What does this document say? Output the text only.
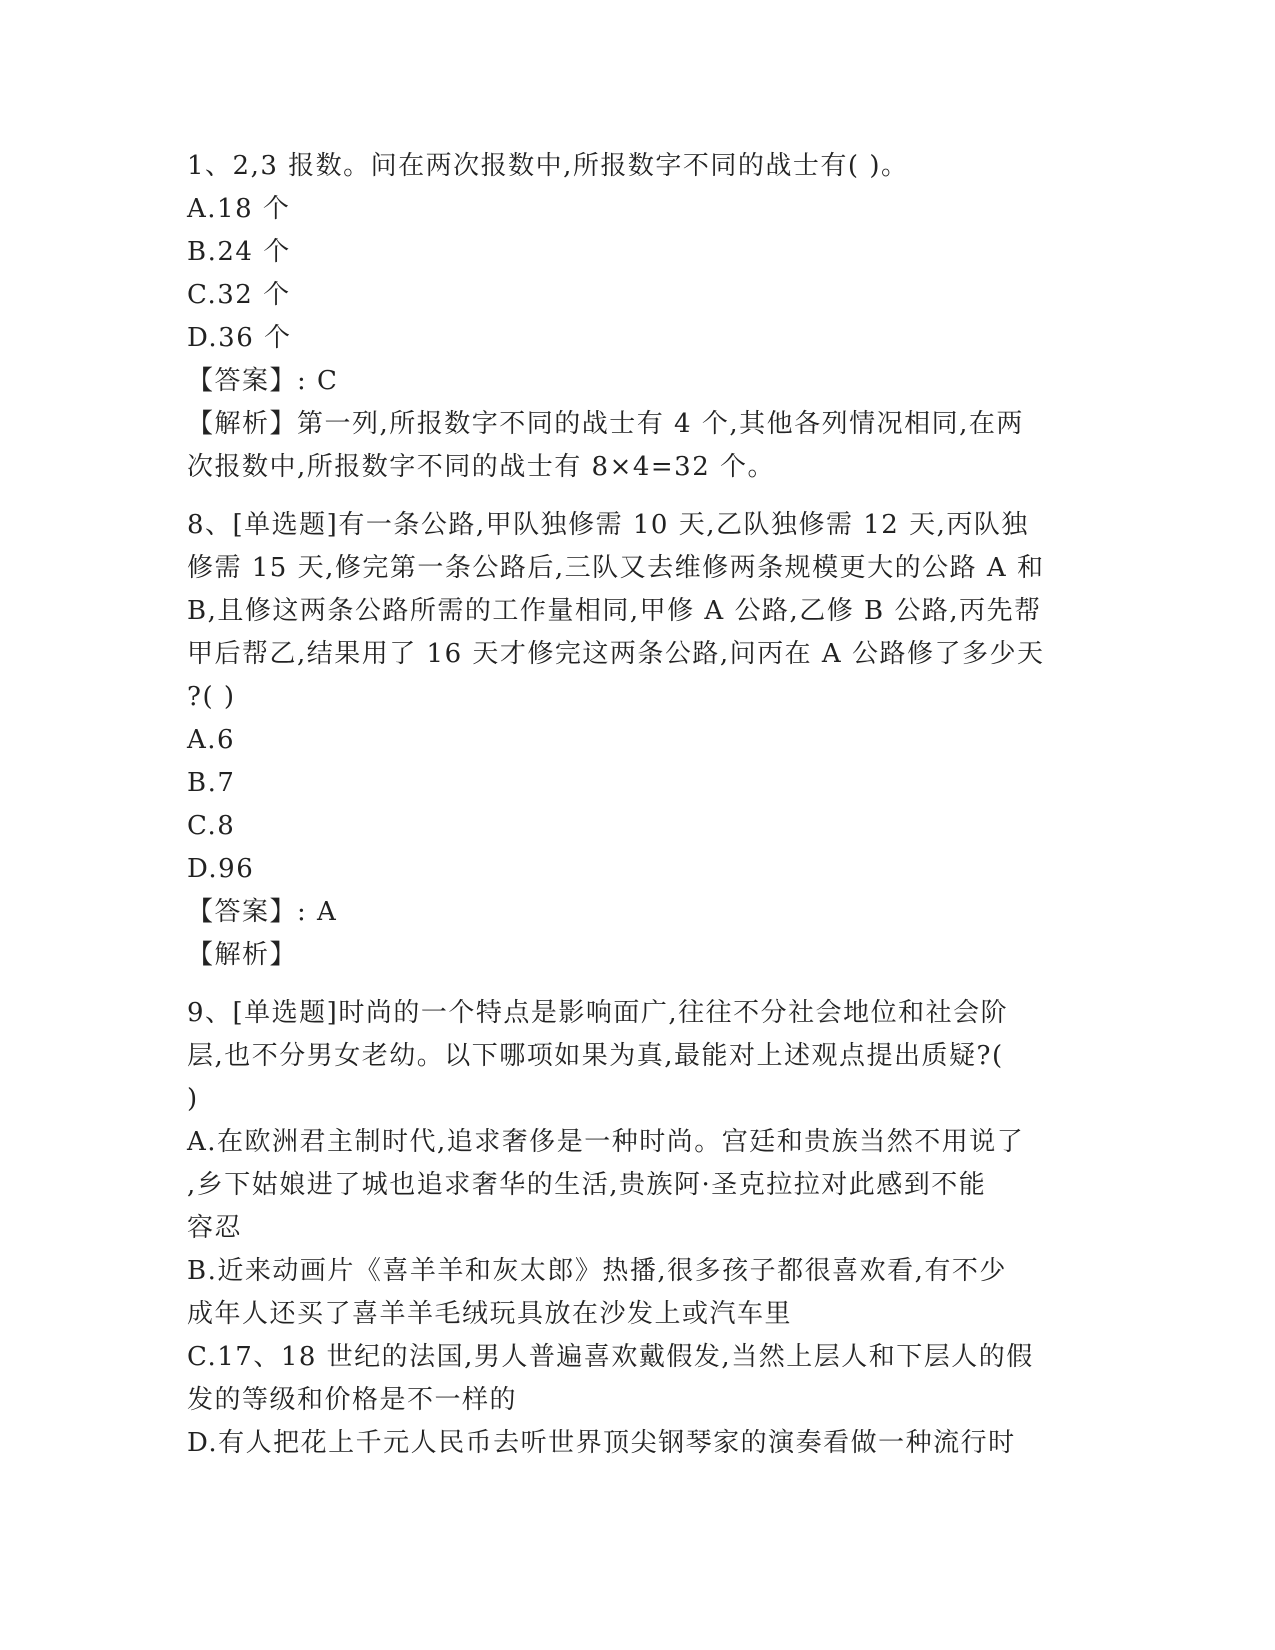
1、2,3 报数。问在两次报数中,所报数字不同的战士有( )。
A.18 个
B.24 个
C.32 个
D.36 个
【答案】: C
【解析】第一列,所报数字不同的战士有 4 个,其他各列情况相同,在两
次报数中,所报数字不同的战士有 8×4=32 个。
8、[单选题]有一条公路,甲队独修需 10 天,乙队独修需 12 天,丙队独
修需 15 天,修完第一条公路后,三队又去维修两条规模更大的公路 A 和
B,且修这两条公路所需的工作量相同,甲修 A 公路,乙修 B 公路,丙先帮
甲后帮乙,结果用了 16 天才修完这两条公路,问丙在 A 公路修了多少天
?( )
A.6
B.7
C.8
D.96
【答案】: A
【解析】
9、[单选题]时尚的一个特点是影响面广,往往不分社会地位和社会阶
层,也不分男女老幼。以下哪项如果为真,最能对上述观点提出质疑?(
)
A.在欧洲君主制时代,追求奢侈是一种时尚。宫廷和贵族当然不用说了
,乡下姑娘进了城也追求奢华的生活,贵族阿·圣克拉拉对此感到不能
容忍
B.近来动画片《喜羊羊和灰太郎》热播,很多孩子都很喜欢看,有不少
成年人还买了喜羊羊毛绒玩具放在沙发上或汽车里
C.17、18 世纪的法国,男人普遍喜欢戴假发,当然上层人和下层人的假
发的等级和价格是不一样的
D.有人把花上千元人民币去听世界顶尖钢琴家的演奏看做一种流行时
